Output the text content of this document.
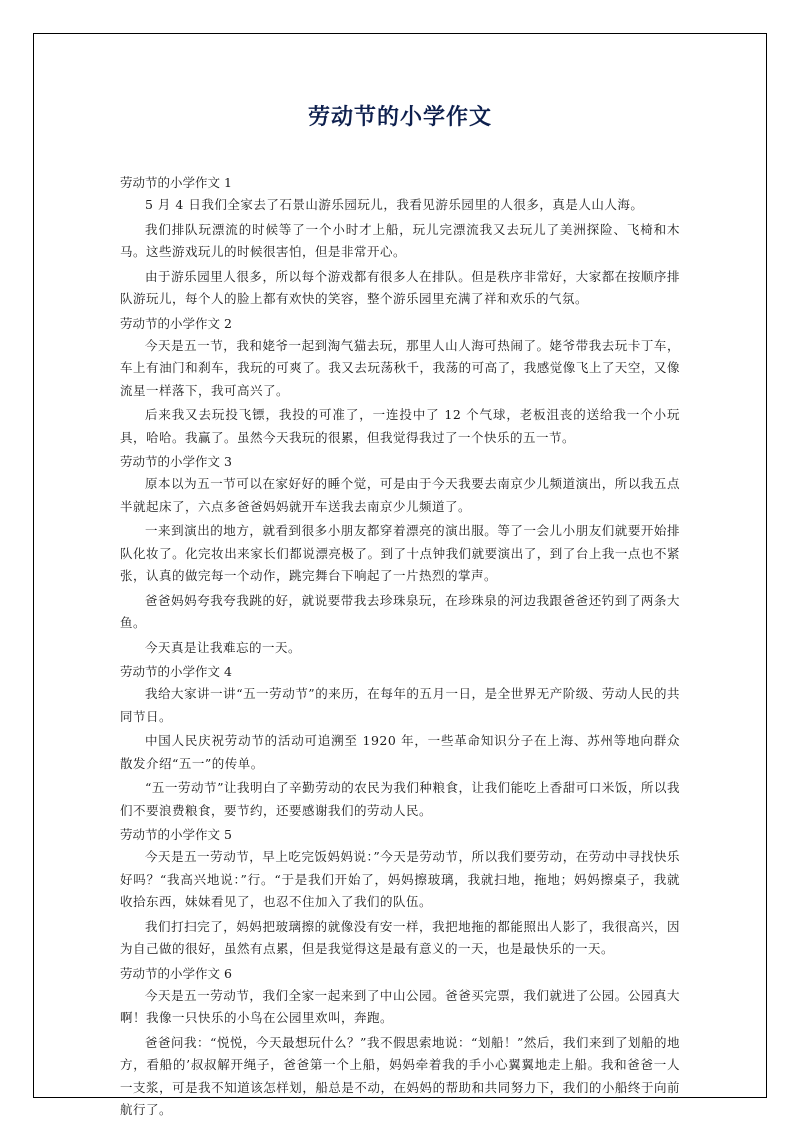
劳动节的小学作文

劳动节的小学作文 1

5 月 4 日我们全家去了石景山游乐园玩儿，我看见游乐园里的人很多，真是人山人海。

我们排队玩漂流的时候等了一个小时才上船，玩儿完漂流我又去玩儿了美洲探险、飞椅和木马。这些游戏玩儿的时候很害怕，但是非常开心。

由于游乐园里人很多，所以每个游戏都有很多人在排队。但是秩序非常好，大家都在按顺序排队游玩儿，每个人的脸上都有欢快的笑容，整个游乐园里充满了祥和欢乐的气氛。

劳动节的小学作文 2

今天是五一节，我和姥爷一起到淘气猫去玩，那里人山人海可热闹了。姥爷带我去玩卡丁车，车上有油门和刹车，我玩的可爽了。我又去玩荡秋千，我荡的可高了，我感觉像飞上了天空，又像流星一样落下，我可高兴了。

后来我又去玩投飞镖，我投的可准了，一连投中了 12 个气球，老板沮丧的送给我一个小玩具，哈哈。我赢了。虽然今天我玩的很累，但我觉得我过了一个快乐的五一节。

劳动节的小学作文 3

原本以为五一节可以在家好好的睡个觉，可是由于今天我要去南京少儿频道演出，所以我五点半就起床了，六点多爸爸妈妈就开车送我去南京少儿频道了。

一来到演出的地方，就看到很多小朋友都穿着漂亮的演出服。等了一会儿小朋友们就要开始排队化妆了。化完妆出来家长们都说漂亮极了。到了十点钟我们就要演出了，到了台上我一点也不紧张，认真的做完每一个动作，跳完舞台下响起了一片热烈的掌声。

爸爸妈妈夸我夸我跳的好，就说要带我去珍珠泉玩，在珍珠泉的河边我跟爸爸还钓到了两条大鱼。

今天真是让我难忘的一天。

劳动节的小学作文 4

我给大家讲一讲“五一劳动节”的来历，在每年的五月一日，是全世界无产阶级、劳动人民的共同节日。

中国人民庆祝劳动节的活动可追溯至 1920 年，一些革命知识分子在上海、苏州等地向群众散发介绍“五一”的传单。

“五一劳动节”让我明白了辛勤劳动的农民为我们种粮食，让我们能吃上香甜可口米饭，所以我们不要浪费粮食，要节约，还要感谢我们的劳动人民。

劳动节的小学作文 5

今天是五一劳动节，早上吃完饭妈妈说：”今天是劳动节，所以我们要劳动，在劳动中寻找快乐好吗？“我高兴地说：”行。“于是我们开始了，妈妈擦玻璃，我就扫地，拖地；妈妈擦桌子，我就收拾东西，妹妹看见了，也忍不住加入了我们的队伍。

我们打扫完了，妈妈把玻璃擦的就像没有安一样，我把地拖的都能照出人影了，我很高兴，因为自己做的很好，虽然有点累，但是我觉得这是最有意义的一天，也是最快乐的一天。

劳动节的小学作文 6

今天是五一劳动节，我们全家一起来到了中山公园。爸爸买完票，我们就进了公园。公园真大啊！我像一只快乐的小鸟在公园里欢叫，奔跑。

爸爸问我：“悦悦，今天最想玩什么？”我不假思索地说：“划船！”然后，我们来到了划船的地方，看船的’叔叔解开绳子，爸爸第一个上船，妈妈牵着我的手小心翼翼地走上船。我和爸爸一人一支浆，可是我不知道该怎样划，船总是不动，在妈妈的帮助和共同努力下，我们的小船终于向前航行了。
